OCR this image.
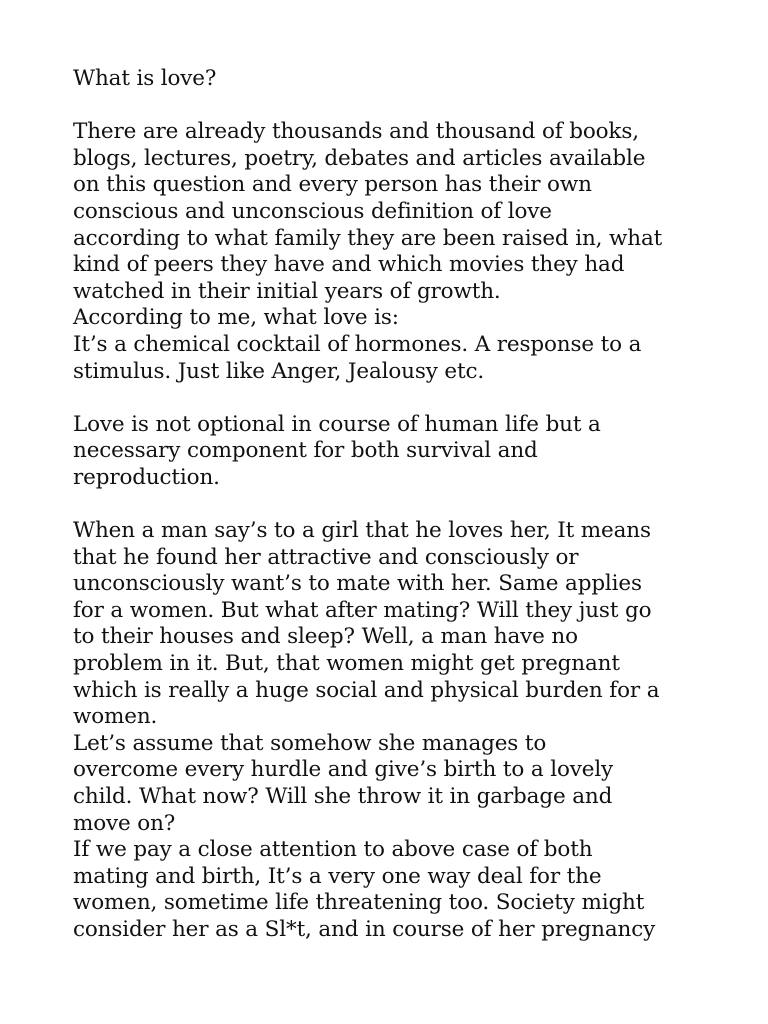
What is love?
There are already thousands and thousand of books,
blogs, lectures, poetry, debates and articles available
on this question and every person has their own
conscious and unconscious definition of love
according to what family they are been raised in, what
kind of peers they have and which movies they had
watched in their initial years of growth.
According to me, what love is:
It’s a chemical cocktail of hormones. A response to a
stimulus. Just like Anger, Jealousy etc.
Love is not optional in course of human life but a
necessary component for both survival and
reproduction.
When a man say’s to a girl that he loves her, It means
that he found her attractive and consciously or
unconsciously want’s to mate with her. Same applies
for a women. But what after mating? Will they just go
to their houses and sleep? Well, a man have no
problem in it. But, that women might get pregnant
which is really a huge social and physical burden for a
women.
Let’s assume that somehow she manages to
overcome every hurdle and give’s birth to a lovely
child. What now? Will she throw it in garbage and
move on?
If we pay a close attention to above case of both
mating and birth, It’s a very one way deal for the
women, sometime life threatening too. Society might
consider her as a Sl*t, and in course of her pregnancy
